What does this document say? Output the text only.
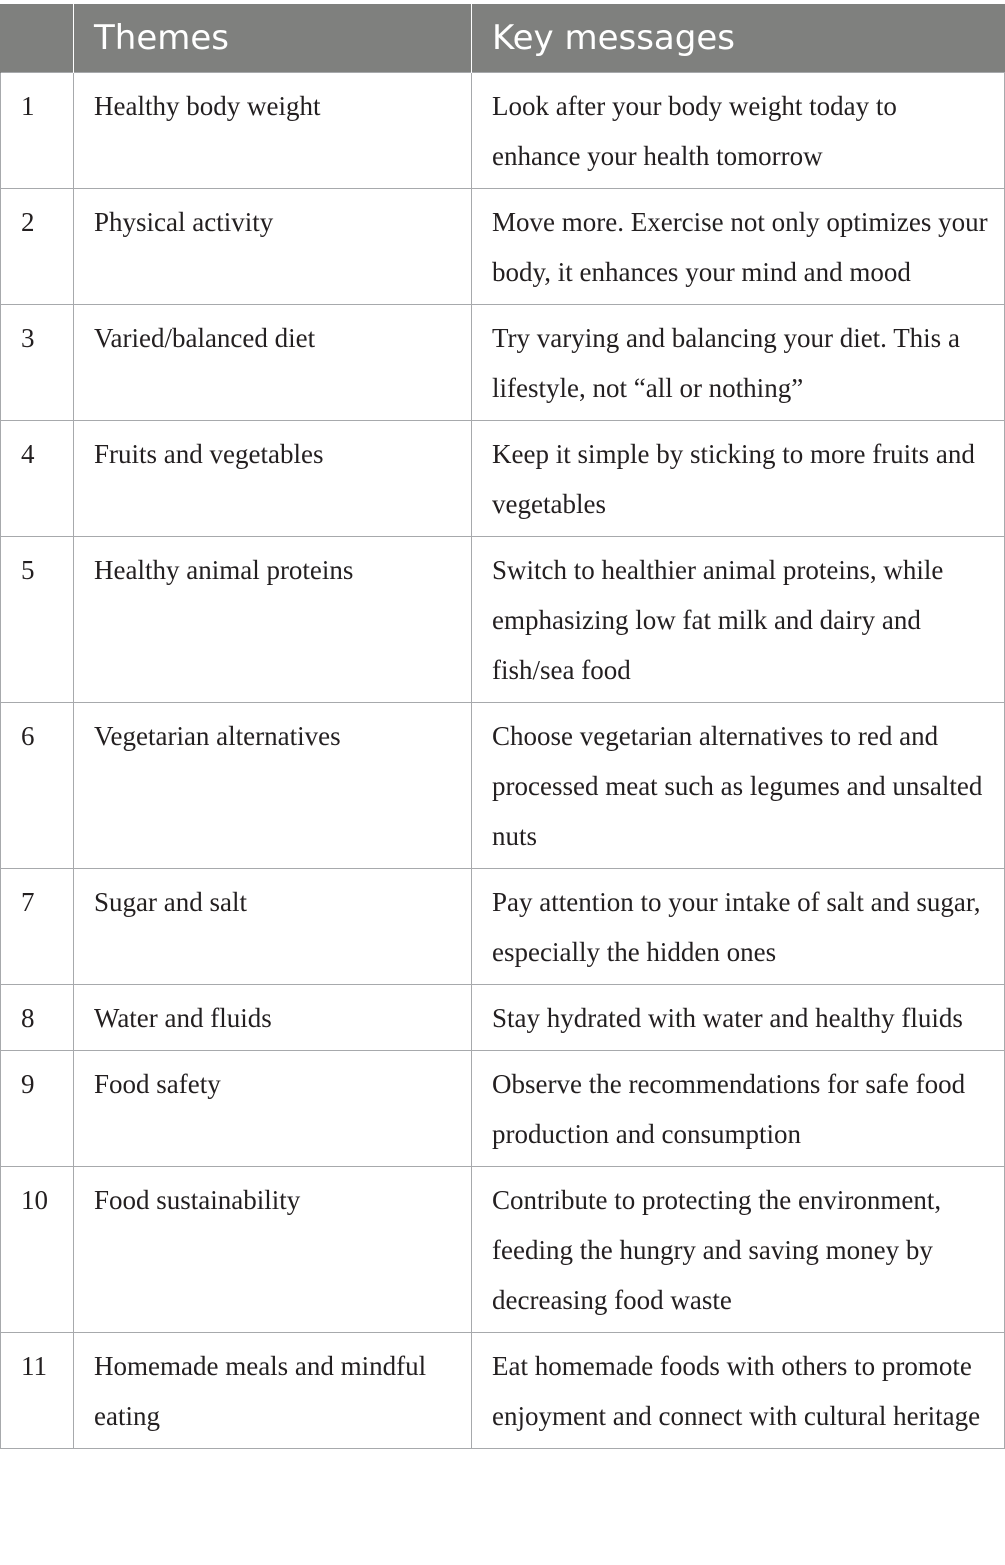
	Themes	Key messages
1	Healthy body weight	Look after your body weight today to enhance your health tomorrow
2	Physical activity	Move more. Exercise not only optimizes your body, it enhances your mind and mood
3	Varied/balanced diet	Try varying and balancing your diet. This a lifestyle, not “all or nothing”
4	Fruits and vegetables	Keep it simple by sticking to more fruits and vegetables
5	Healthy animal proteins	Switch to healthier animal proteins, while emphasizing low fat milk and dairy and fish/sea food
6	Vegetarian alternatives	Choose vegetarian alternatives to red and processed meat such as legumes and unsalted nuts
7	Sugar and salt	Pay attention to your intake of salt and sugar, especially the hidden ones
8	Water and fluids	Stay hydrated with water and healthy fluids
9	Food safety	Observe the recommendations for safe food production and consumption
10	Food sustainability	Contribute to protecting the environment, feeding the hungry and saving money by decreasing food waste
11	Homemade meals and mindful eating	Eat homemade foods with others to promote enjoyment and connect with cultural heritage
